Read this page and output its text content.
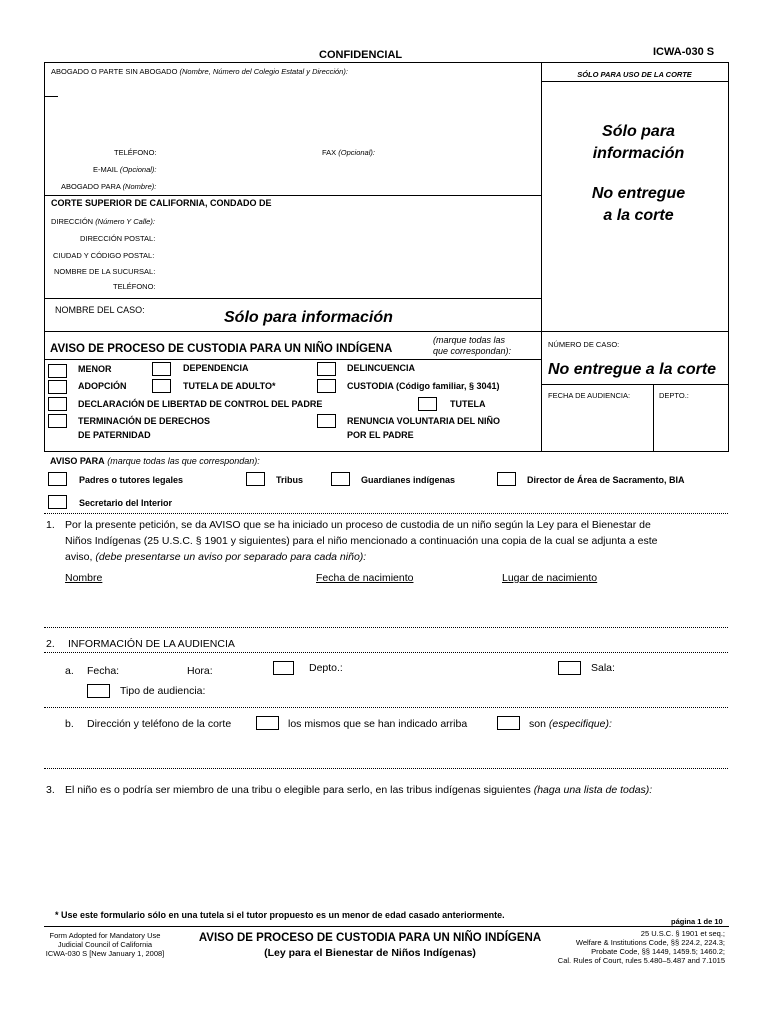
CONFIDENCIAL	ICWA-030 S
ABOGADO O PARTE SIN ABOGADO (Nombre, Número del Colegio Estatal y Dirección):
TELÉFONO:	FAX (Opcional):
E-MAIL (Opcional):
ABOGADO PARA (Nombre):
SÓLO PARA USO DE LA CORTE
Sólo para
información
No entregue
a la corte
CORTE SUPERIOR DE CALIFORNIA, CONDADO DE
DIRECCIÓN (Número Y Calle):
DIRECCIÓN POSTAL:
CIUDAD Y CÓDIGO POSTAL:
NOMBRE DE LA SUCURSAL:
TELÉFONO:
NOMBRE DEL CASO:	Sólo para información
AVISO DE PROCESO DE CUSTODIA PARA UN NIÑO INDÍGENA
(marque todas las
que correspondan):
NÚMERO DE CASO:
No entregue a la corte
FECHA DE AUDIENCIA:	DEPTO.:
MENOR	DEPENDENCIA	DELINCUENCIA
ADOPCIÓN	TUTELA DE ADULTO*	CUSTODIA (Código familiar, § 3041)
DECLARACIÓN DE LIBERTAD DE CONTROL DEL PADRE	TUTELA
TERMINACIÓN DE DERECHOS
DE PATERNIDAD
RENUNCIA VOLUNTARIA DEL NIÑO
POR EL PADRE
AVISO PARA (marque todas las que correspondan):
Padres o tutores legales	Tribus	Guardianes indígenas	Director de Área de Sacramento, BIA
Secretario del Interior
1. Por la presente petición, se da AVISO que se ha iniciado un proceso de custodia de un niño según la Ley para el Bienestar de
Niños Indígenas (25 U.S.C. § 1901 y siguientes) para el niño mencionado a continuación una copia de la cual se adjunta a este
aviso, (debe presentarse un aviso por separado para cada niño):
Nombre	Fecha de nacimiento	Lugar de nacimiento
2. INFORMACIÓN DE LA AUDIENCIA
a. Fecha:	Hora:	Depto.:	Sala:
Tipo de audiencia:
b. Dirección y teléfono de la corte	los mismos que se han indicado arriba	son (especifique):
3. El niño es o podría ser miembro de una tribu o elegible para serlo, en las tribus indígenas siguientes (haga una lista de todas):
* Use este formulario sólo en una tutela si el tutor propuesto es un menor de edad casado anteriormente.
página 1 de 10
Form Adopted for Mandatory Use
Judicial Council of California
ICWA-030 S [New January 1, 2008]
AVISO DE PROCESO DE CUSTODIA PARA UN NIÑO INDÍGENA
(Ley para el Bienestar de Niños Indígenas)
25 U.S.C. § 1901 et seq.;
Welfare & Institutions Code, §§ 224.2, 224.3;
Probate Code, §§ 1449, 1459.5; 1460.2;
Cal. Rules of Court, rules 5.480–5.487 and 7.1015
